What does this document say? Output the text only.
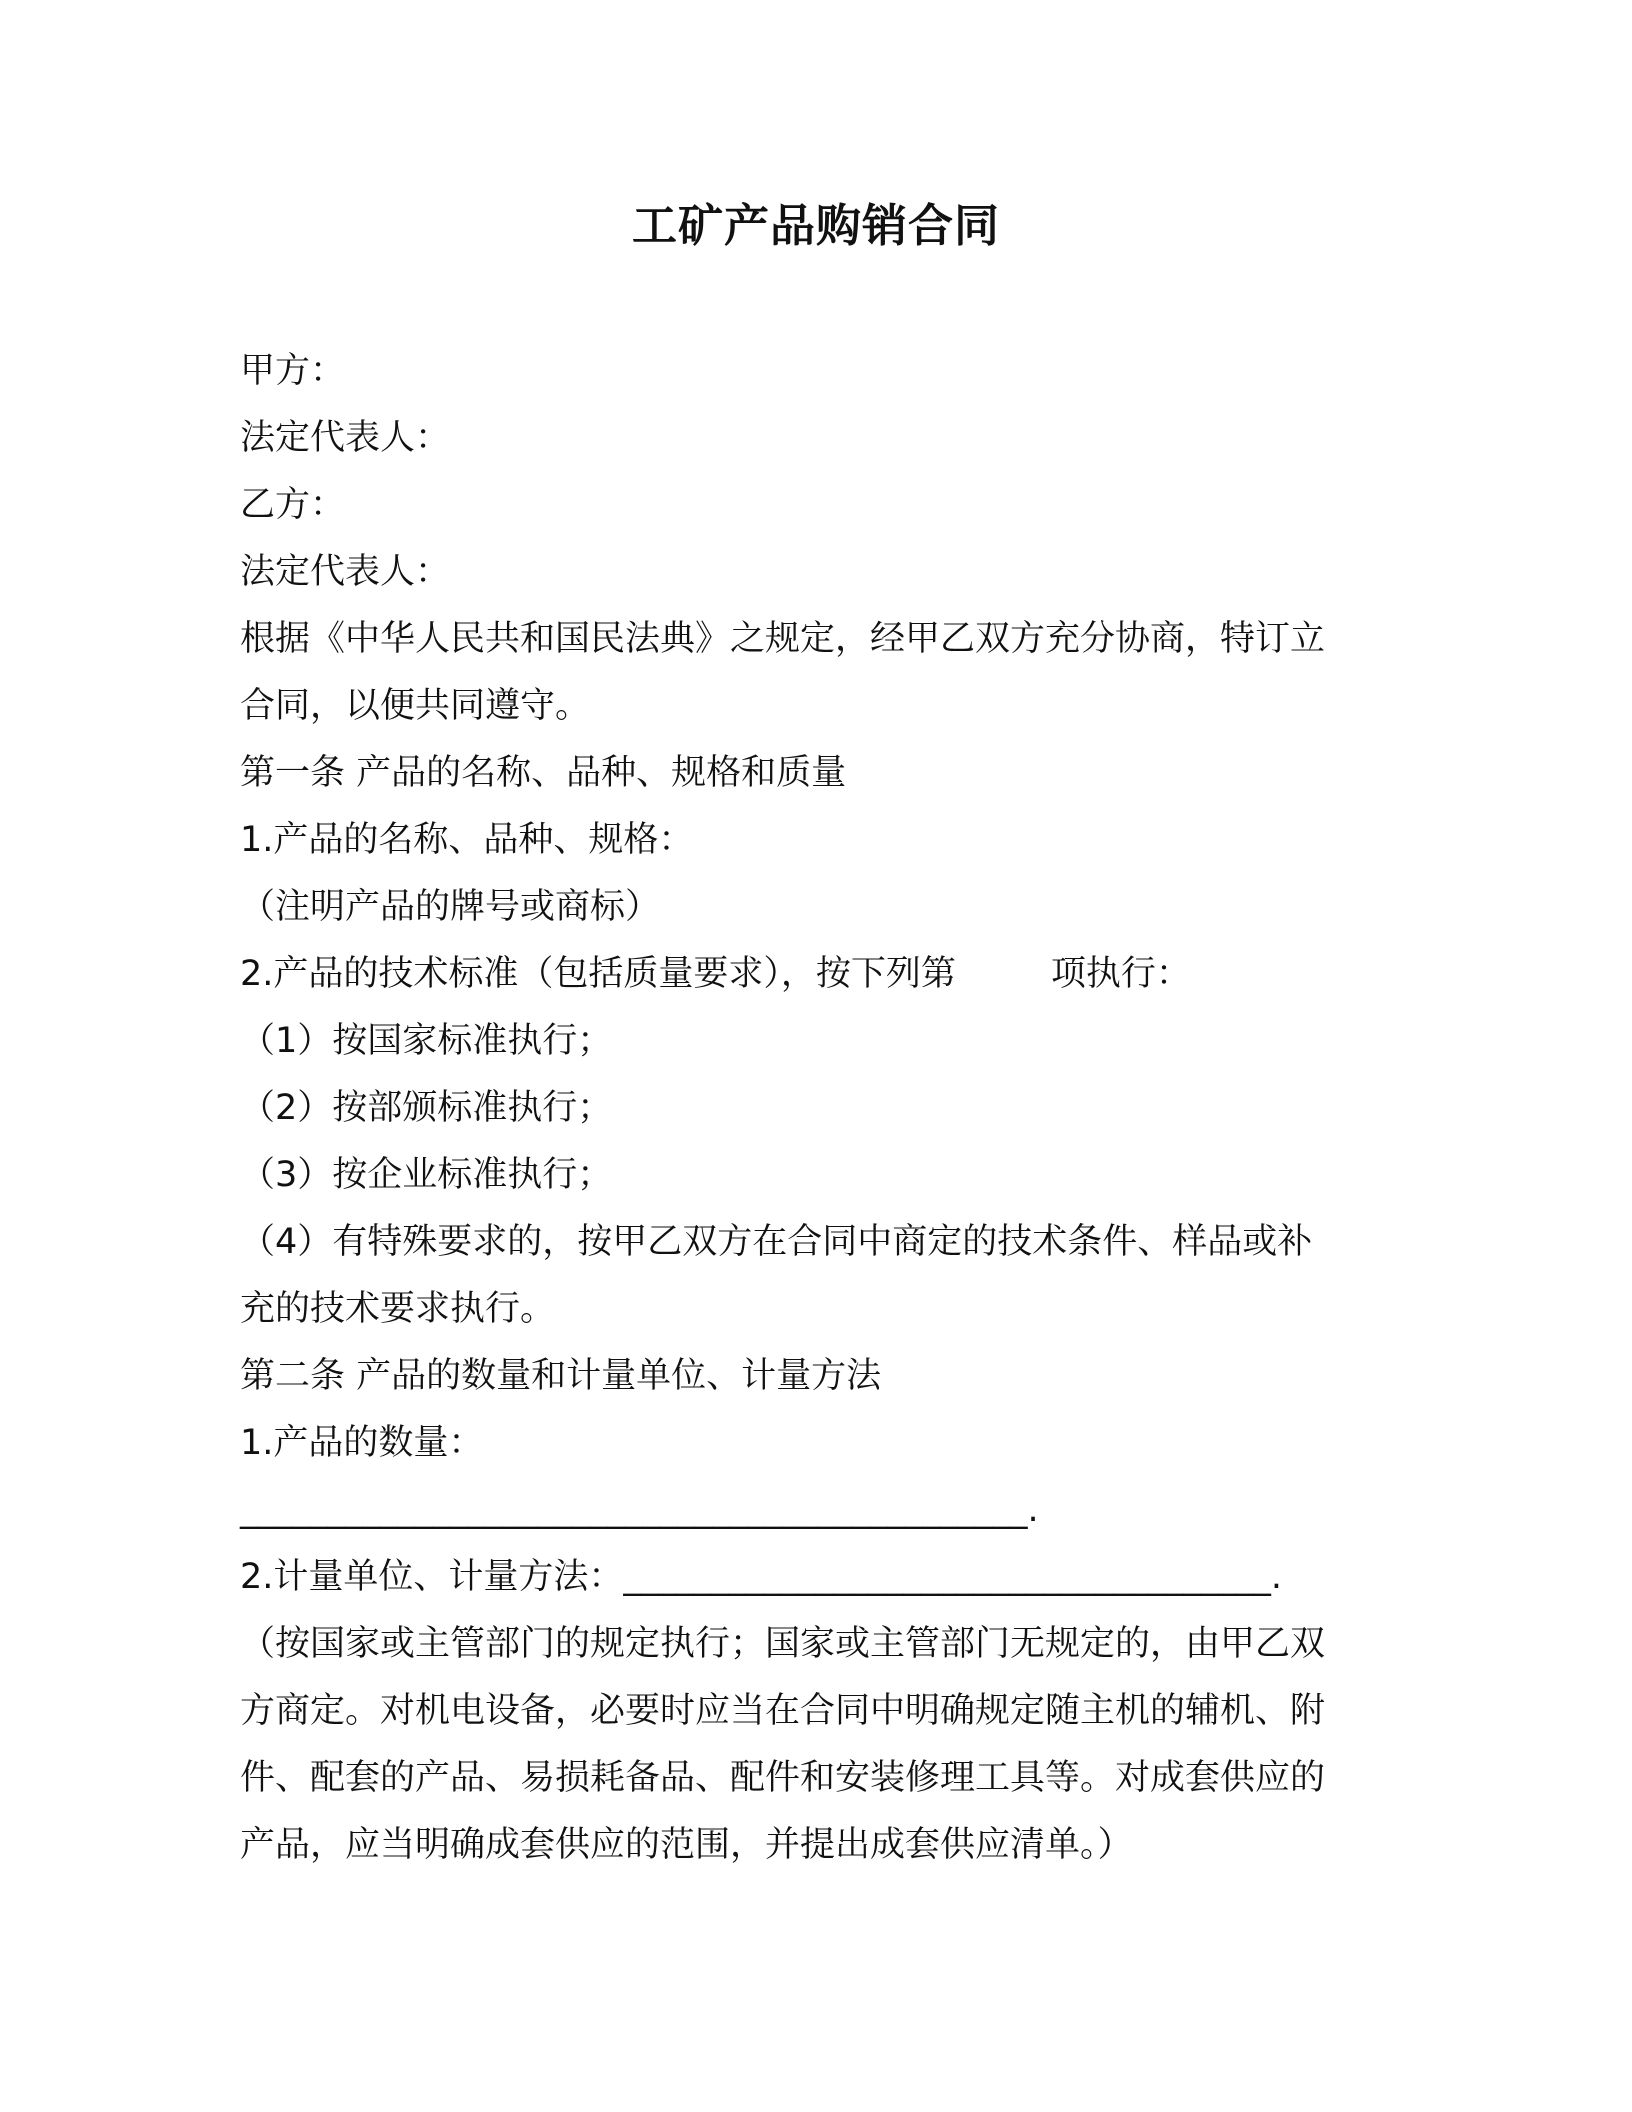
工矿产品购销合同

甲方：

法定代表人：

乙方：

法定代表人：

根据《中华人民共和国民法典》之规定，经甲乙双方充分协商，特订立

合同，以便共同遵守。

第一条 产品的名称、品种、规格和质量

1.产品的名称、品种、规格：

（注明产品的牌号或商标）

2.产品的技术标准（包括质量要求），按下列第	项执行：

（1）按国家标准执行；

（2）按部颁标准执行；

（3）按企业标准执行；

（4）有特殊要求的，按甲乙双方在合同中商定的技术条件、样品或补

充的技术要求执行。

第二条 产品的数量和计量单位、计量方法

1.产品的数量：

_____________________________________________.

2.计量单位、计量方法：_____________________________________.

（按国家或主管部门的规定执行；国家或主管部门无规定的，由甲乙双

方商定。对机电设备，必要时应当在合同中明确规定随主机的辅机、附

件、配套的产品、易损耗备品、配件和安装修理工具等。对成套供应的

产品，应当明确成套供应的范围，并提出成套供应清单。）
